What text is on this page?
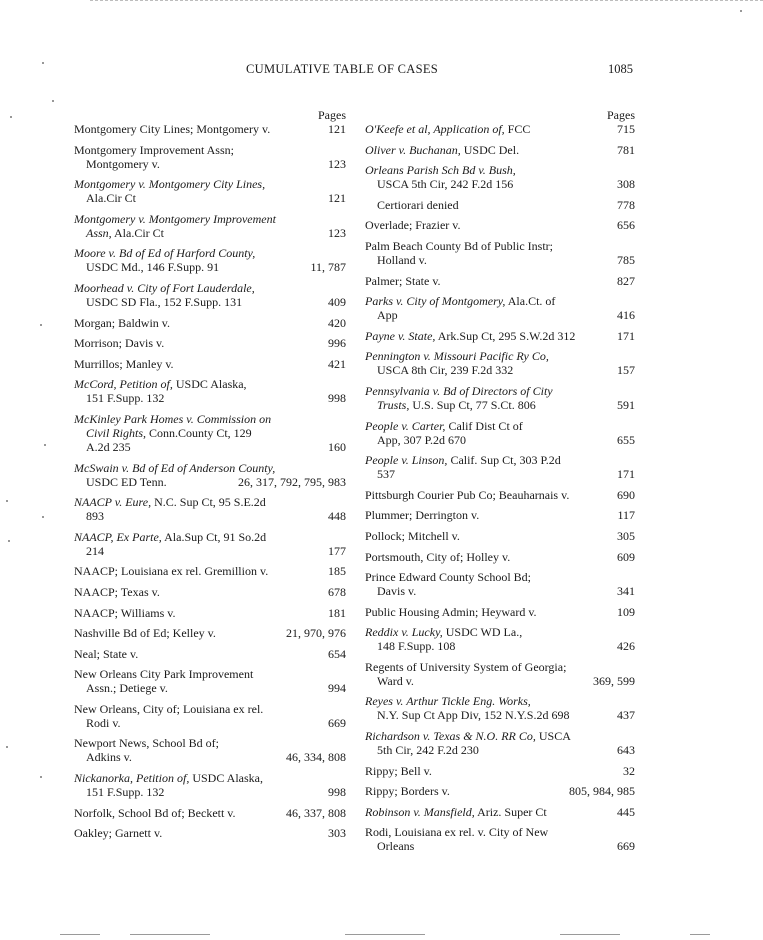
CUMULATIVE TABLE OF CASES	1085
Pages
Montgomery City Lines; Montgomery v.	121
Montgomery Improvement Assn;
Montgomery v.	123
Montgomery v. Montgomery City Lines,
Ala.Cir Ct	121
Montgomery v. Montgomery Improvement
Assn, Ala.Cir Ct	123
Moore v. Bd of Ed of Harford County,
USDC Md., 146 F.Supp. 91	11, 787
Moorhead v. City of Fort Lauderdale,
USDC SD Fla., 152 F.Supp. 131	409
Morgan; Baldwin v.	420
Morrison; Davis v.	996
Murrillos; Manley v.	421
McCord, Petition of, USDC Alaska,
151 F.Supp. 132	998
McKinley Park Homes v. Commission on
Civil Rights, Conn.County Ct, 129
A.2d 235	160
McSwain v. Bd of Ed of Anderson County,
USDC ED Tenn.	26, 317, 792, 795, 983
NAACP v. Eure, N.C. Sup Ct, 95 S.E.2d
893	448
NAACP, Ex Parte, Ala.Sup Ct, 91 So.2d
214	177
NAACP; Louisiana ex rel. Gremillion v.	185
NAACP; Texas v.	678
NAACP; Williams v.	181
Nashville Bd of Ed; Kelley v.	21, 970, 976
Neal; State v.	654
New Orleans City Park Improvement
Assn.; Detiege v.	994
New Orleans, City of; Louisiana ex rel.
Rodi v.	669
Newport News, School Bd of;
Adkins v.	46, 334, 808
Nickanorka, Petition of, USDC Alaska,
151 F.Supp. 132	998
Norfolk, School Bd of; Beckett v.	46, 337, 808
Oakley; Garnett v.	303
Pages
O'Keefe et al, Application of, FCC	715
Oliver v. Buchanan, USDC Del.	781
Orleans Parish Sch Bd v. Bush,
USCA 5th Cir, 242 F.2d 156	308
Certiorari denied	778
Overlade; Frazier v.	656
Palm Beach County Bd of Public Instr;
Holland v.	785
Palmer; State v.	827
Parks v. City of Montgomery, Ala.Ct. of
App	416
Payne v. State, Ark.Sup Ct, 295 S.W.2d 312	171
Pennington v. Missouri Pacific Ry Co,
USCA 8th Cir, 239 F.2d 332	157
Pennsylvania v. Bd of Directors of City
Trusts, U.S. Sup Ct, 77 S.Ct. 806	591
People v. Carter, Calif Dist Ct of
App, 307 P.2d 670	655
People v. Linson, Calif. Sup Ct, 303 P.2d
537	171
Pittsburgh Courier Pub Co; Beauharnais v.	690
Plummer; Derrington v.	117
Pollock; Mitchell v.	305
Portsmouth, City of; Holley v.	609
Prince Edward County School Bd;
Davis v.	341
Public Housing Admin; Heyward v.	109
Reddix v. Lucky, USDC WD La.,
148 F.Supp. 108	426
Regents of University System of Georgia;
Ward v.	369, 599
Reyes v. Arthur Tickle Eng. Works,
N.Y. Sup Ct App Div, 152 N.Y.S.2d 698	437
Richardson v. Texas & N.O. RR Co, USCA
5th Cir, 242 F.2d 230	643
Rippy; Bell v.	32
Rippy; Borders v.	805, 984, 985
Robinson v. Mansfield, Ariz. Super Ct	445
Rodi, Louisiana ex rel. v. City of New
Orleans	669
